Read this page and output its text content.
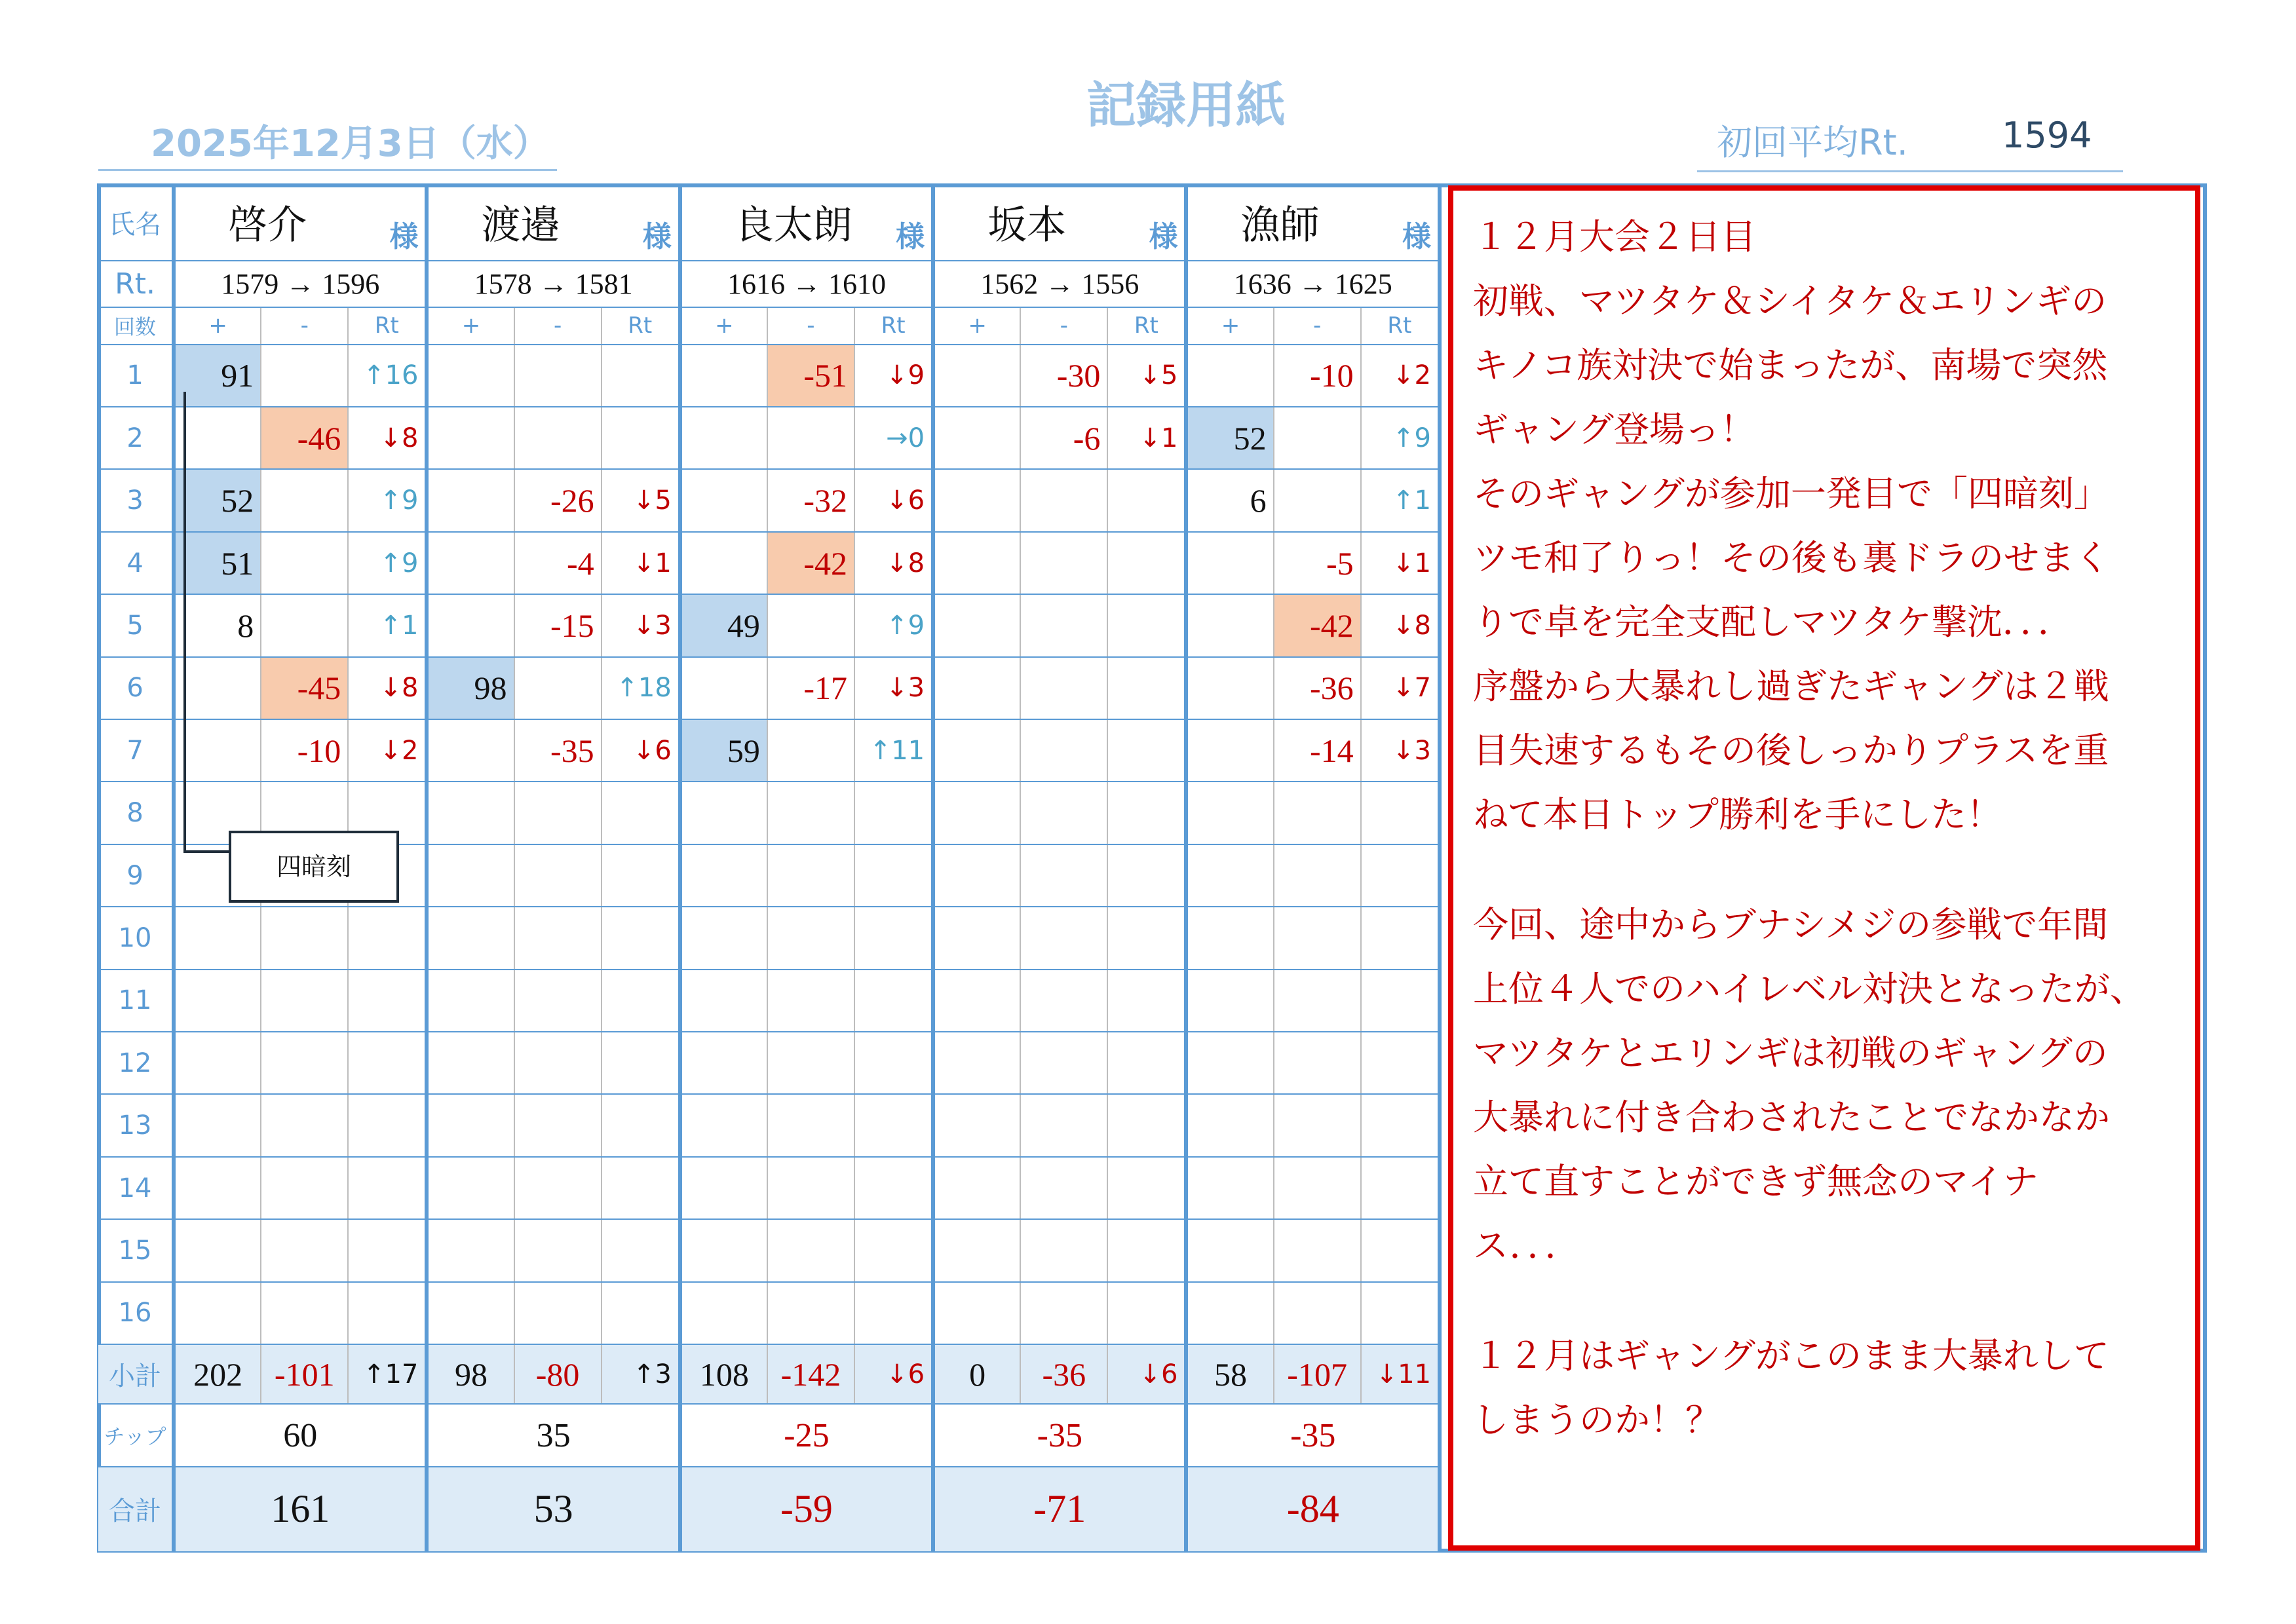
記録用紙
2025年12月3日（水）	初回平均Rt.	1594
氏名	啓介 様			渡邉 様			良太朗 様			坂本 様			漁師 様		

Rt.	1579 → 1596			1578 → 1581			1616 → 1610			1562 → 1556			1636 → 1625		
回数	+	-	Rt	+	-	Rt	+	-	Rt	+	-	Rt	+	-	Rt
1	91		↑16					-51	↓9		-30	↓5		-10	↓2
2		-46	↓8						→0		-6	↓1	52		↑9
3	52		↑9		-26	↓5		-32	↓6				6		↑1
4	51		↑9		-4	↓1		-42	↓8					-5	↓1
5	8		↑1		-15	↓3	49		↑9					-42	↓8
6		-45	↓8	98		↑18		-17	↓3					-36	↓7
7		-10	↓2		-35	↓6	59		↑11					-14	↓3
8															
9															
10															
11															
12															
13															
14															
15															
16															
小計	202	-101	↑17	98	-80	↑3	108	-142	↓6	0	-36	↓6	58	-107	↓11
チップ	60			35			-25			-35			-35		
合計	161			53			-59			-71			-84		

１２月大会２日目

初戦、マツタケ＆シイタケ＆エリンギの

キノコ族対決で始まったが、南場で突然

ギャング登場っ！

そのギャングが参加一発目で「四暗刻」

ツモ和了りっ！その後も裏ドラのせまく

りで卓を完全支配しマツタケ撃沈．．．

序盤から大暴れし過ぎたギャングは２戦

目失速するもその後しっかりプラスを重

ねて本日トップ勝利を手にした！

今回、途中からブナシメジの参戦で年間

上位４人でのハイレベル対決となったが、

マツタケとエリンギは初戦のギャングの

大暴れに付き合わされたことでなかなか

立て直すことができず無念のマイナ

ス．．．

１２月はギャングがこのまま大暴れして

しまうのか！？

四暗刻
